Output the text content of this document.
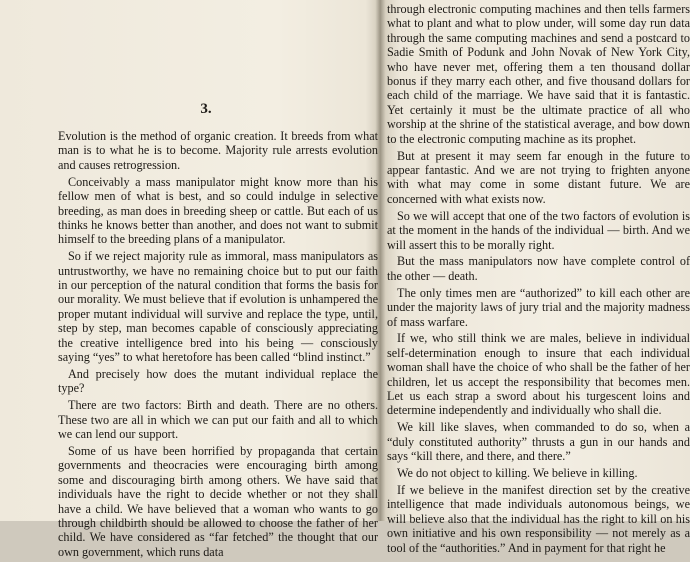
3.

Evolution is the method of organic creation. It breeds from what man is to what he is to become. Majority rule arrests evolution and causes retrogression.

Conceivably a mass manipulator might know more than his fellow men of what is best, and so could indulge in selective breeding, as man does in breeding sheep or cattle. But each of us thinks he knows better than another, and does not want to submit himself to the breeding plans of a manipulator.

So if we reject majority rule as immoral, mass manipulators as untrustworthy, we have no remaining choice but to put our faith in our perception of the natural condition that forms the basis for our morality. We must believe that if evolution is unhampered the proper mutant individual will survive and replace the type, until, step by step, man becomes capable of consciously appreciating the creative intelligence bred into his being — consciously saying “yes” to what heretofore has been called “blind instinct.”

And precisely how does the mutant individual replace the type?

There are two factors: Birth and death. There are no others. These two are all in which we can put our faith and all to which we can lend our support.

Some of us have been horrified by propaganda that certain governments and theocracies were encouraging birth among some and discouraging birth among others. We have said that individuals have the right to decide whether or not they shall have a child. We have believed that a woman who wants to go through childbirth should be allowed to choose the father of her child. We have considered as “far fetched” the thought that our own government, which runs data

through electronic computing machines and then tells farmers what to plant and what to plow under, will some day run data through the same computing machines and send a postcard to Sadie Smith of Podunk and John Novak of New York City, who have never met, offering them a ten thousand dollar bonus if they marry each other, and five thousand dollars for each child of the marriage. We have said that it is fantastic. Yet certainly it must be the ultimate practice of all who worship at the shrine of the statistical average, and bow down to the electronic computing machine as its prophet.

But at present it may seem far enough in the future to appear fantastic. And we are not trying to frighten anyone with what may come in some distant future. We are concerned with what exists now.

So we will accept that one of the two factors of evolution is at the moment in the hands of the individual — birth. And we will assert this to be morally right.

But the mass manipulators now have complete control of the other — death.

The only times men are “authorized” to kill each other are under the majority laws of jury trial and the majority madness of mass warfare.

If we, who still think we are males, believe in individual self-determination enough to insure that each individual woman shall have the choice of who shall be the father of her children, let us accept the responsibility that becomes men. Let us each strap a sword about his turgescent loins and determine independently and individually who shall die.

We kill like slaves, when commanded to do so, when a “duly constituted authority” thrusts a gun in our hands and says “kill there, and there, and there.”

We do not object to killing. We believe in killing.

If we believe in the manifest direction set by the creative intelligence that made individuals autonomous beings, we will believe also that the individual has the right to kill on his own initiative and his own responsibility — not merely as a tool of the “authorities.” And in payment for that right he
